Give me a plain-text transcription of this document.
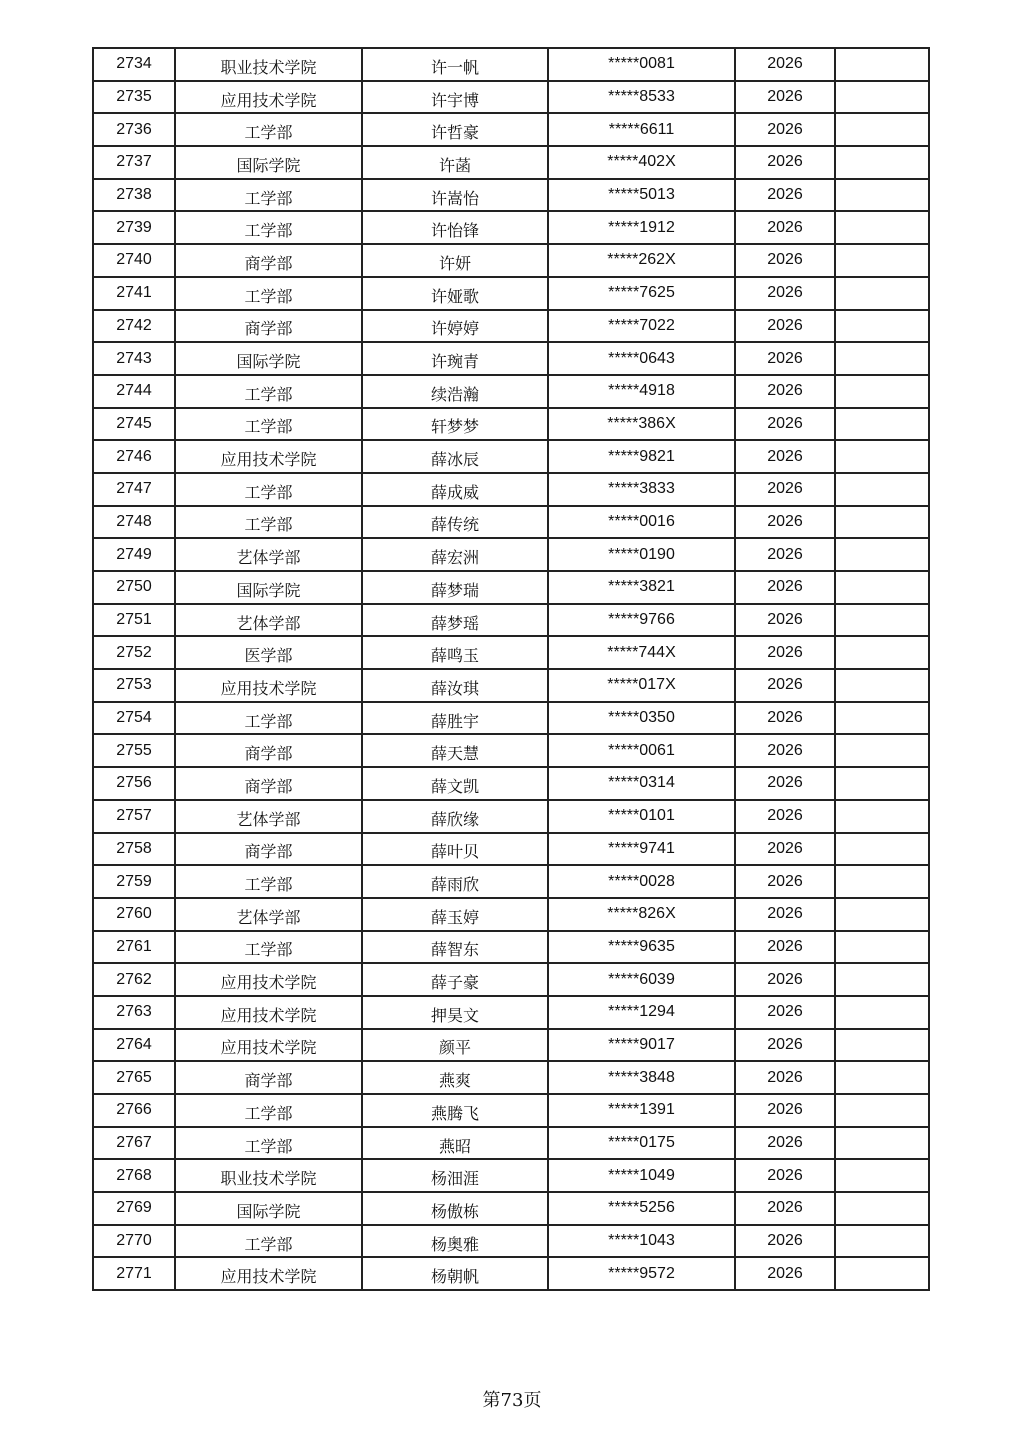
2734	职业技术学院	许一帆	*****0081	2026	
2735	应用技术学院	许宇博	*****8533	2026	
2736	工学部	许哲豪	*****6611	2026	
2737	国际学院	许菡	*****402X	2026	
2738	工学部	许嵩怡	*****5013	2026	
2739	工学部	许怡锋	*****1912	2026	
2740	商学部	许妍	*****262X	2026	
2741	工学部	许娅歌	*****7625	2026	
2742	商学部	许婷婷	*****7022	2026	
2743	国际学院	许琬青	*****0643	2026	
2744	工学部	续浩瀚	*****4918	2026	
2745	工学部	轩梦梦	*****386X	2026	
2746	应用技术学院	薛冰辰	*****9821	2026	
2747	工学部	薛成威	*****3833	2026	
2748	工学部	薛传统	*****0016	2026	
2749	艺体学部	薛宏洲	*****0190	2026	
2750	国际学院	薛梦瑞	*****3821	2026	
2751	艺体学部	薛梦瑶	*****9766	2026	
2752	医学部	薛鸣玉	*****744X	2026	
2753	应用技术学院	薛汝琪	*****017X	2026	
2754	工学部	薛胜宇	*****0350	2026	
2755	商学部	薛天慧	*****0061	2026	
2756	商学部	薛文凯	*****0314	2026	
2757	艺体学部	薛欣缘	*****0101	2026	
2758	商学部	薛叶贝	*****9741	2026	
2759	工学部	薛雨欣	*****0028	2026	
2760	艺体学部	薛玉婷	*****826X	2026	
2761	工学部	薛智东	*****9635	2026	
2762	应用技术学院	薛子豪	*****6039	2026	
2763	应用技术学院	押昊文	*****1294	2026	
2764	应用技术学院	颜平	*****9017	2026	
2765	商学部	燕爽	*****3848	2026	
2766	工学部	燕腾飞	*****1391	2026	
2767	工学部	燕昭	*****0175	2026	
2768	职业技术学院	杨沺涯	*****1049	2026	
2769	国际学院	杨傲栋	*****5256	2026	
2770	工学部	杨奥雅	*****1043	2026	
2771	应用技术学院	杨朝帆	*****9572	2026	
第73页
